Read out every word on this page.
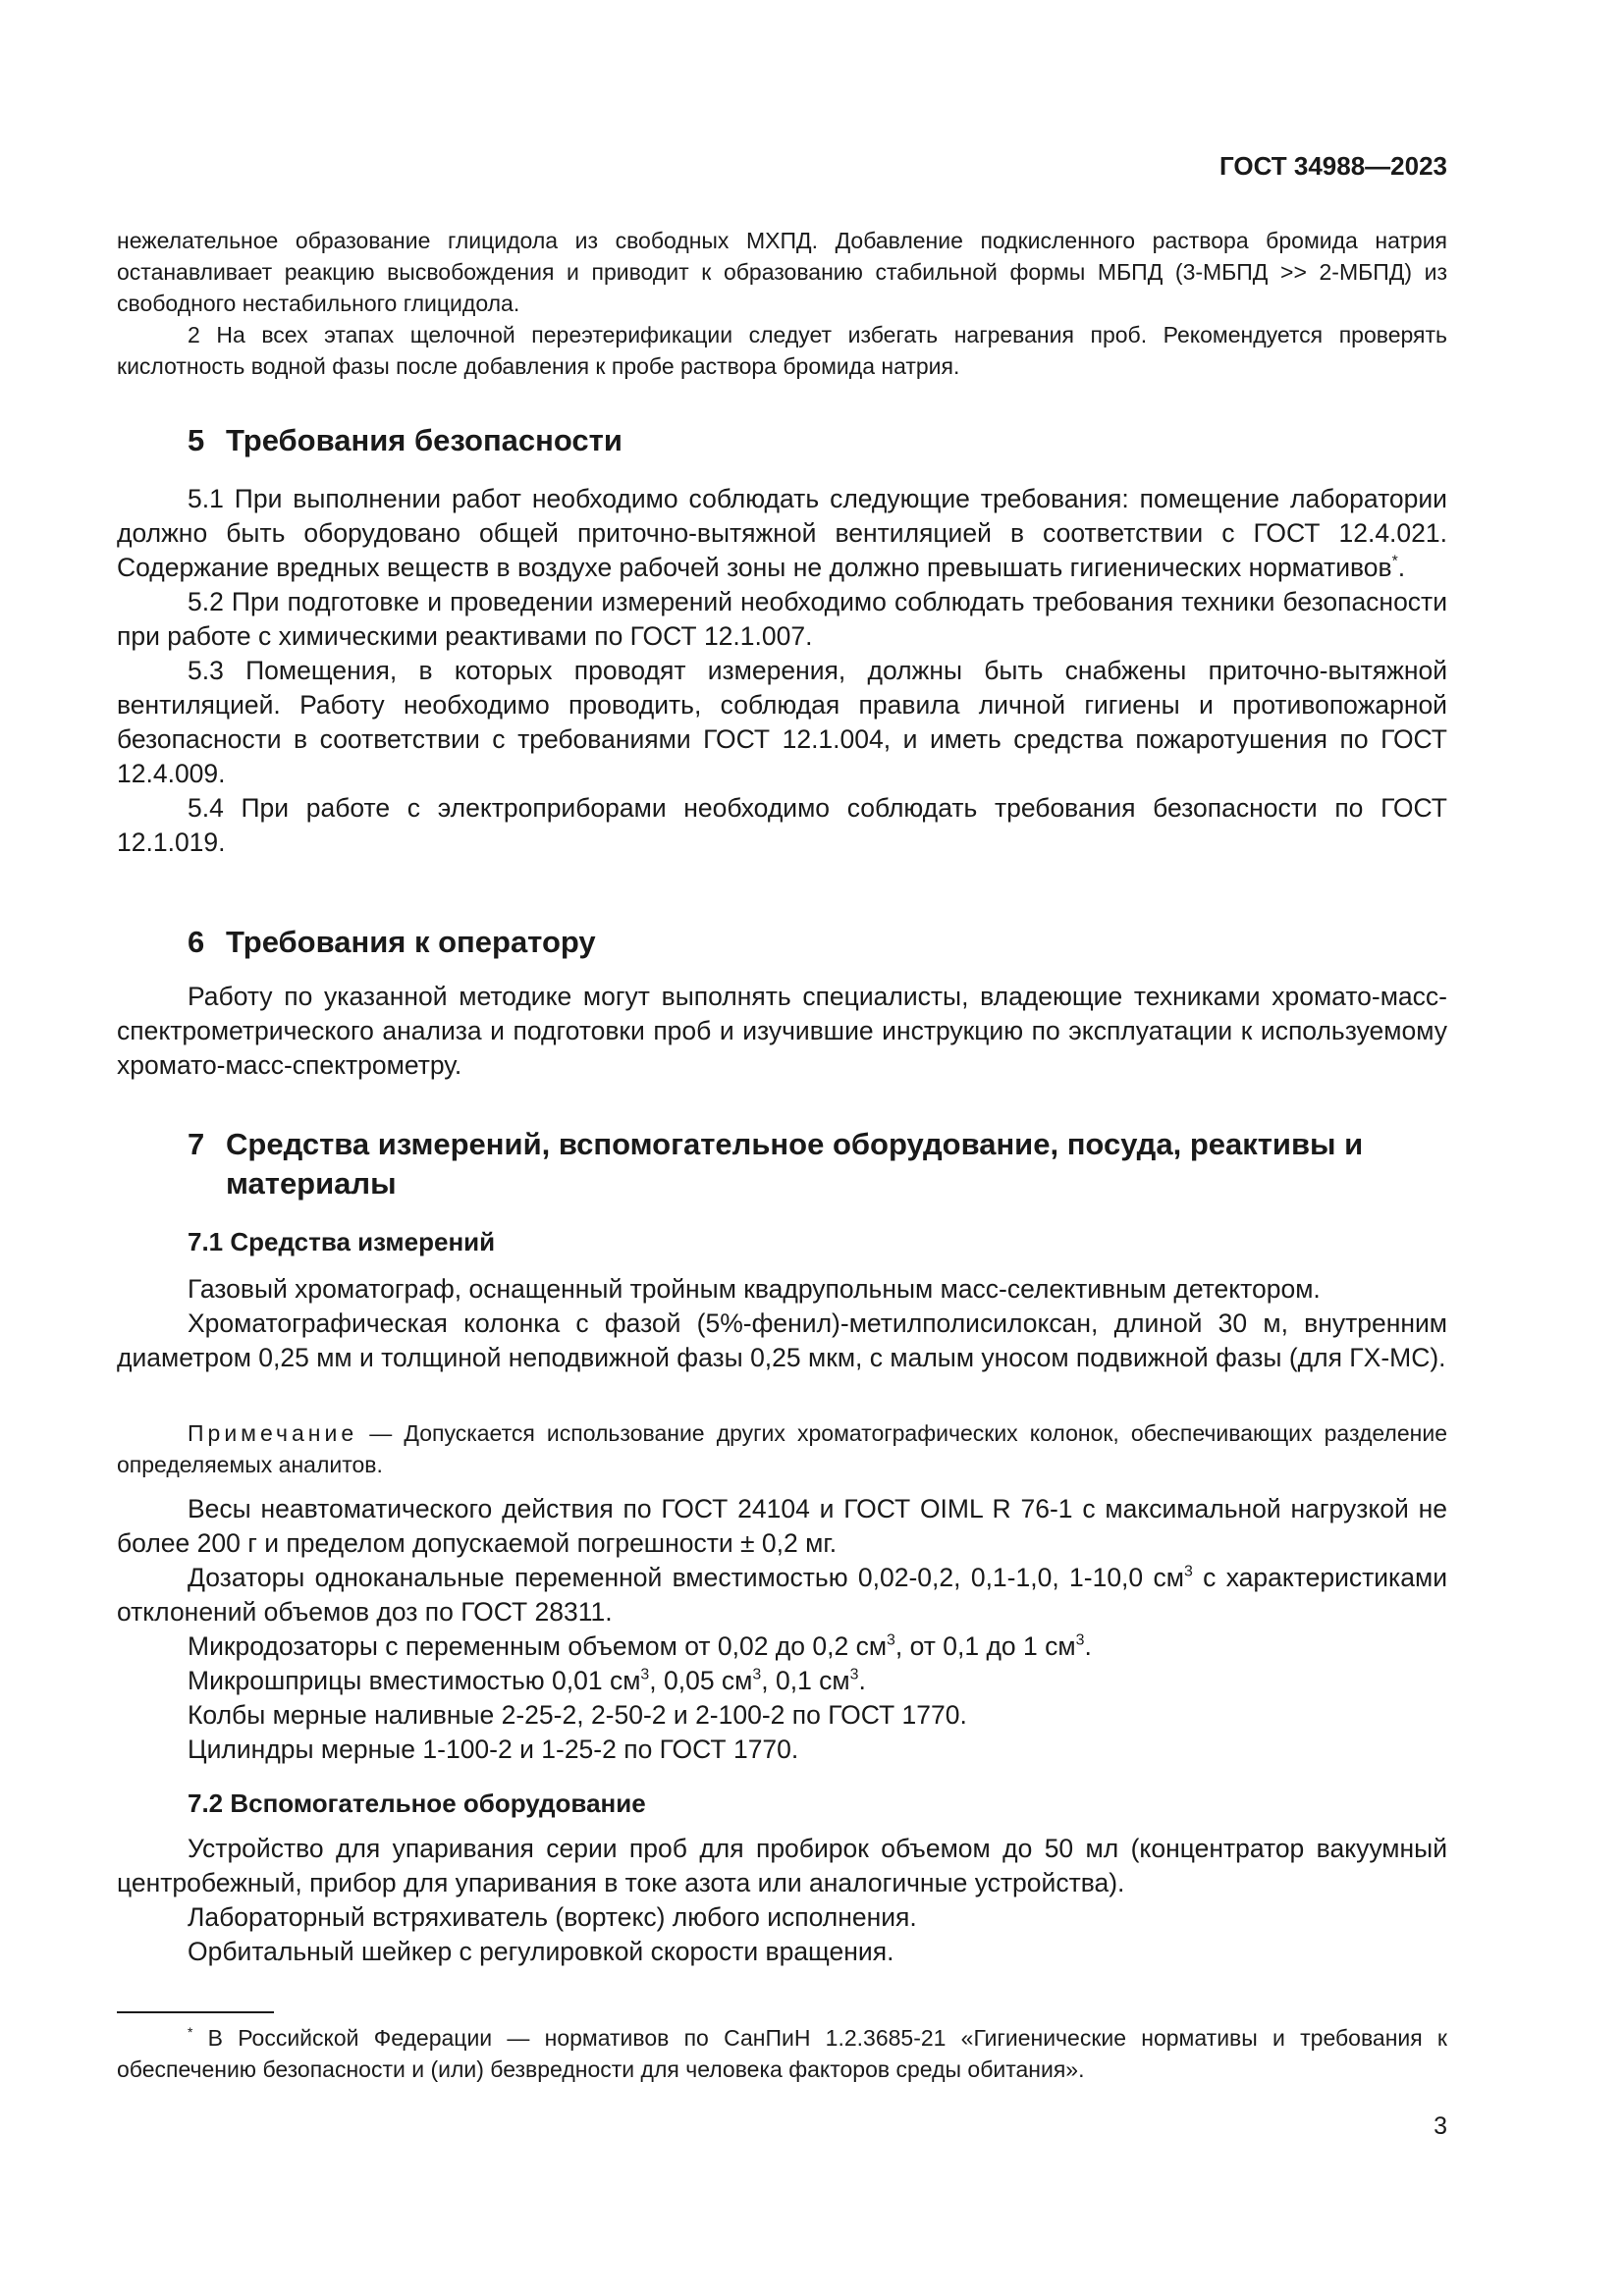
ГОСТ 34988—2023

нежелательное образование глицидола из свободных МХПД. Добавление подкисленного раствора бромида натрия останавливает реакцию высвобождения и приводит к образованию стабильной формы МБПД (3-МБПД >> 2-МБПД) из свободного нестабильного глицидола.

2 На всех этапах щелочной переэтерификации следует избегать нагревания проб. Рекомендуется проверять кислотность водной фазы после добавления к пробе раствора бромида натрия.

5 Требования безопасности

5.1 При выполнении работ необходимо соблюдать следующие требования: помещение лаборатории должно быть оборудовано общей приточно-вытяжной вентиляцией в соответствии с ГОСТ 12.4.021. Содержание вредных веществ в воздухе рабочей зоны не должно превышать гигиенических нормативов*.

5.2 При подготовке и проведении измерений необходимо соблюдать требования техники безопасности при работе с химическими реактивами по ГОСТ 12.1.007.

5.3 Помещения, в которых проводят измерения, должны быть снабжены приточно-вытяжной вентиляцией. Работу необходимо проводить, соблюдая правила личной гигиены и противопожарной безопасности в соответствии с требованиями ГОСТ 12.1.004, и иметь средства пожаротушения по ГОСТ 12.4.009.

5.4 При работе с электроприборами необходимо соблюдать требования безопасности по ГОСТ 12.1.019.

6 Требования к оператору

Работу по указанной методике могут выполнять специалисты, владеющие техниками хромато-масс-спектрометрического анализа и подготовки проб и изучившие инструкцию по эксплуатации к используемому хромато-масс-спектрометру.

7 Средства измерений, вспомогательное оборудование, посуда, реактивы и материалы
7.1 Средства измерений

Газовый хроматограф, оснащенный тройным квадрупольным масс-селективным детектором.

Хроматографическая колонка с фазой (5%-фенил)-метилполисилоксан, длиной 30 м, внутренним диаметром 0,25 мм и толщиной неподвижной фазы 0,25 мкм, с малым уносом подвижной фазы (для ГХ-МС).

Примечание — Допускается использование других хроматографических колонок, обеспечивающих разделение определяемых аналитов.

Весы неавтоматического действия по ГОСТ 24104 и ГОСТ OIML R 76-1 с максимальной нагрузкой не более 200 г и пределом допускаемой погрешности ± 0,2 мг.

Дозаторы одноканальные переменной вместимостью 0,02-0,2, 0,1-1,0, 1-10,0 $см^3$ с характеристиками отклонений объемов доз по ГОСТ 28311.

Микродозаторы с переменным объемом от 0,02 до 0,2 $см^3$, от 0,1 до 1 $см^3$.

Микрошприцы вместимостью 0,01 $см^3$, 0,05 $см^3$, 0,1 $см^3$.

Колбы мерные наливные 2-25-2, 2-50-2 и 2-100-2 по ГОСТ 1770.

Цилиндры мерные 1-100-2 и 1-25-2 по ГОСТ 1770.

7.2 Вспомогательное оборудование

Устройство для упаривания серии проб для пробирок объемом до 50 мл (концентратор вакуумный центробежный, прибор для упаривания в токе азота или аналогичные устройства).

Лабораторный встряхиватель (вортекс) любого исполнения.

Орбитальный шейкер с регулировкой скорости вращения.

* В Российской Федерации — нормативов по СанПиН 1.2.3685-21 «Гигиенические нормативы и требования к обеспечению безопасности и (или) безвредности для человека факторов среды обитания».

3
